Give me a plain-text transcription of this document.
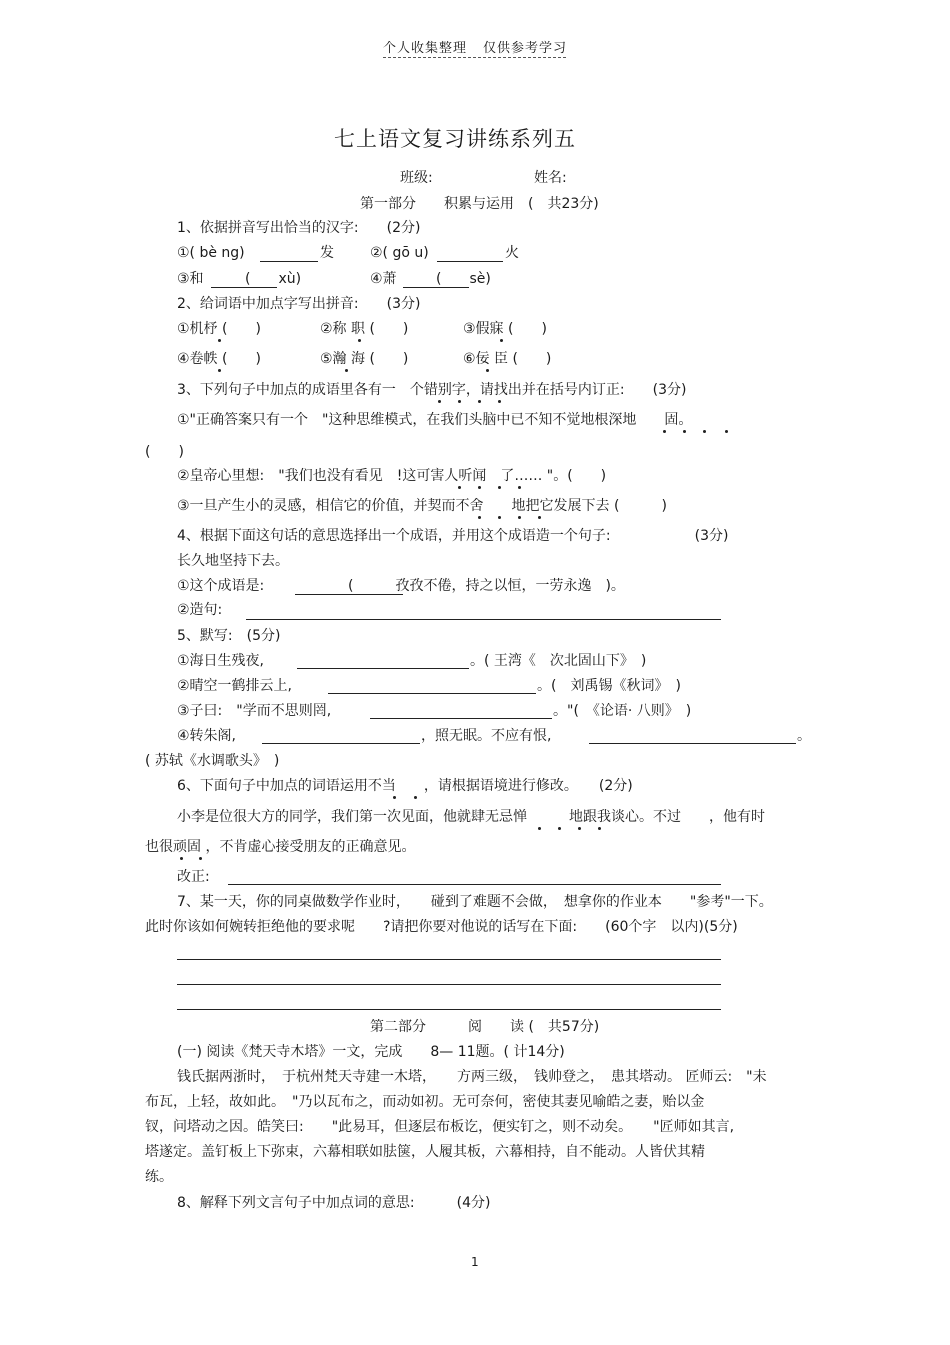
个人收集整理 仅供参考学习
七上语文复习讲练系列五
班级:	姓名:
第一部分　　积累与运用　(　共23分)
1、依据拼音写出恰当的汉字:　　(2分)
①( bè ng)	发	②( gō u)	火
③和	(　　xù)	④萧	(　　sè)
2、给词语中加点字写出拼音:　　(3分)
①机杼 (　　)	②称 职 (　　)	③假寐 (　　)
④卷帙 (　　)	⑤瀚 海 (　　)	⑥佞 臣 (　　)
3、下列句子中加点的成语里各有一　个错别字，请找出并在括号内订正:　　(3分)
①"正确答案只有一个　"这种思维模式，在我们头脑中已不知不觉地根深地　　固。
(　　)
②皇帝心里想:　"我们也没有看见　!这可害人听闻　了…… "。(　　)
③一旦产生小的灵感，相信它的价值，并契而不舍　　地把它发展下去 (　　　)
4、根据下面这句话的意思选择出一个成语，并用这个成语造一个句子:　　　　　　(3分)
长久地坚持下去。
①这个成语是:	(　　　孜孜不倦，持之以恒，一劳永逸　)。
②造句:
5、默写:　(5分)
①海日生残夜,	。( 王湾《　次北固山下》　)
②晴空一鹤排云上,	。(　刘禹锡《秋词》　)
③子曰:　"学而不思则罔,	。"(　《论语· 八则》　)
④转朱阁,	，照无眠。不应有恨,	。
( 苏轼《水调歌头》　)
6、下面句子中加点的词语运用不当　　，请根据语境进行修改。　　(2分)
小李是位很大方的同学，我们第一次见面，他就肆无忌惮　　　地跟我谈心。不过　　，他有时
也很顽固 ，不肯虚心接受朋友的正确意见。
改正:
7、某一天，你的同桌做数学作业时，　　碰到了难题不会做，　想拿你的作业本　　"参考"一下。
此时你该如何婉转拒绝他的要求呢　　?请把你要对他说的话写在下面:　　(60个字　以内)(5分)
第二部分　　　阅　　读 (　共57分)
(一) 阅读《梵天寺木塔》一文，完成　　8— 11题。( 计14分)
钱氏据两浙时，　于杭州梵天寺建一木塔，　　方两三级，　钱帅登之，　患其塔动。 匠师云:　"未
布瓦，上轻，故如此。　"乃以瓦布之，而动如初。无可奈何，密使其妻见喻皓之妻，贻以金
钗，问塔动之因。皓笑曰:　　"此易耳，但逐层布板讫，便实钉之，则不动矣。　　"匠师如其言,
塔遂定。盖钉板上下弥束，六幕相联如胠箧，人履其板，六幕相持，自不能动。人皆伏其精
练。
8、解释下列文言句子中加点词的意思:　　　(4分)
1
